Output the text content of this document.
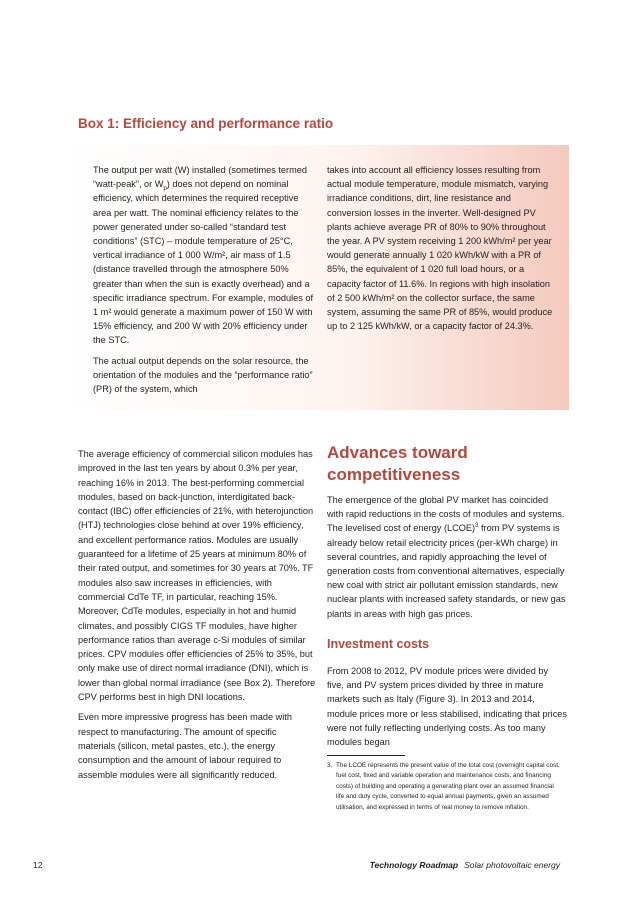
Box 1: Efficiency and performance ratio

The output per watt (W) installed (sometimes termed “watt-peak”, or $W_p$) does not depend on nominal efficiency, which determines the required receptive area per watt. The nominal efficiency relates to the power generated under so-called “standard test conditions” (STC) – module temperature of 25°C, vertical irradiance of 1 000 W/m², air mass of 1.5 (distance travelled through the atmosphere 50% greater than when the sun is exactly overhead) and a specific irradiance spectrum. For example, modules of 1 m² would generate a maximum power of 150 W with 15% efficiency, and 200 W with 20% efficiency under the STC.

The actual output depends on the solar resource, the orientation of the modules and the “performance ratio” (PR) of the system, which

takes into account all efficiency losses resulting from actual module temperature, module mismatch, varying irradiance conditions, dirt, line resistance and conversion losses in the inverter. Well-designed PV plants achieve average PR of 80% to 90% throughout the year. A PV system receiving 1 200 kWh/m² per year would generate annually 1 020 kWh/kW with a PR of 85%, the equivalent of 1 020 full load hours, or a capacity factor of 11.6%. In regions with high insolation of 2 500 kWh/m² on the collector surface, the same system, assuming the same PR of 85%, would produce up to 2 125 kWh/kW, or a capacity factor of 24.3%.

The average efficiency of commercial silicon modules has improved in the last ten years by about 0.3% per year, reaching 16% in 2013. The best-performing commercial modules, based on back-junction, interdigitated back-contact (IBC) offer efficiencies of 21%, with heterojunction (HTJ) technologies close behind at over 19% efficiency, and excellent performance ratios. Modules are usually guaranteed for a lifetime of 25 years at minimum 80% of their rated output, and sometimes for 30 years at 70%. TF modules also saw increases in efficiencies, with commercial CdTe TF, in particular, reaching 15%. Moreover, CdTe modules, especially in hot and humid climates, and possibly CIGS TF modules, have higher performance ratios than average c-Si modules of similar prices. CPV modules offer efficiencies of 25% to 35%, but only make use of direct normal irradiance (DNI), which is lower than global normal irradiance (see Box 2). Therefore CPV performs best in high DNI locations.

Even more impressive progress has been made with respect to manufacturing. The amount of specific materials (silicon, metal pastes, etc.), the energy consumption and the amount of labour required to assemble modules were all significantly reduced.

Advances toward competitiveness

The emergence of the global PV market has coincided with rapid reductions in the costs of modules and systems. The levelised cost of energy (LCOE)$^3$ from PV systems is already below retail electricity prices (per-kWh charge) in several countries, and rapidly approaching the level of generation costs from conventional alternatives, especially new coal with strict air pollutant emission standards, new nuclear plants with increased safety standards, or new gas plants in areas with high gas prices.

Investment costs

From 2008 to 2012, PV module prices were divided by five, and PV system prices divided by three in mature markets such as Italy (Figure 3). In 2013 and 2014, module prices more or less stabilised, indicating that prices were not fully reflecting underlying costs. As too many modules began

3. The LCOE represents the present value of the total cost (overnight capital cost, fuel cost, fixed and variable operation and maintenance costs, and financing costs) of building and operating a generating plant over an assumed financial life and duty cycle, converted to equal annual payments, given an assumed utilisation, and expressed in terms of real money to remove inflation.

12	Technology Roadmap Solar photovoltaic energy
